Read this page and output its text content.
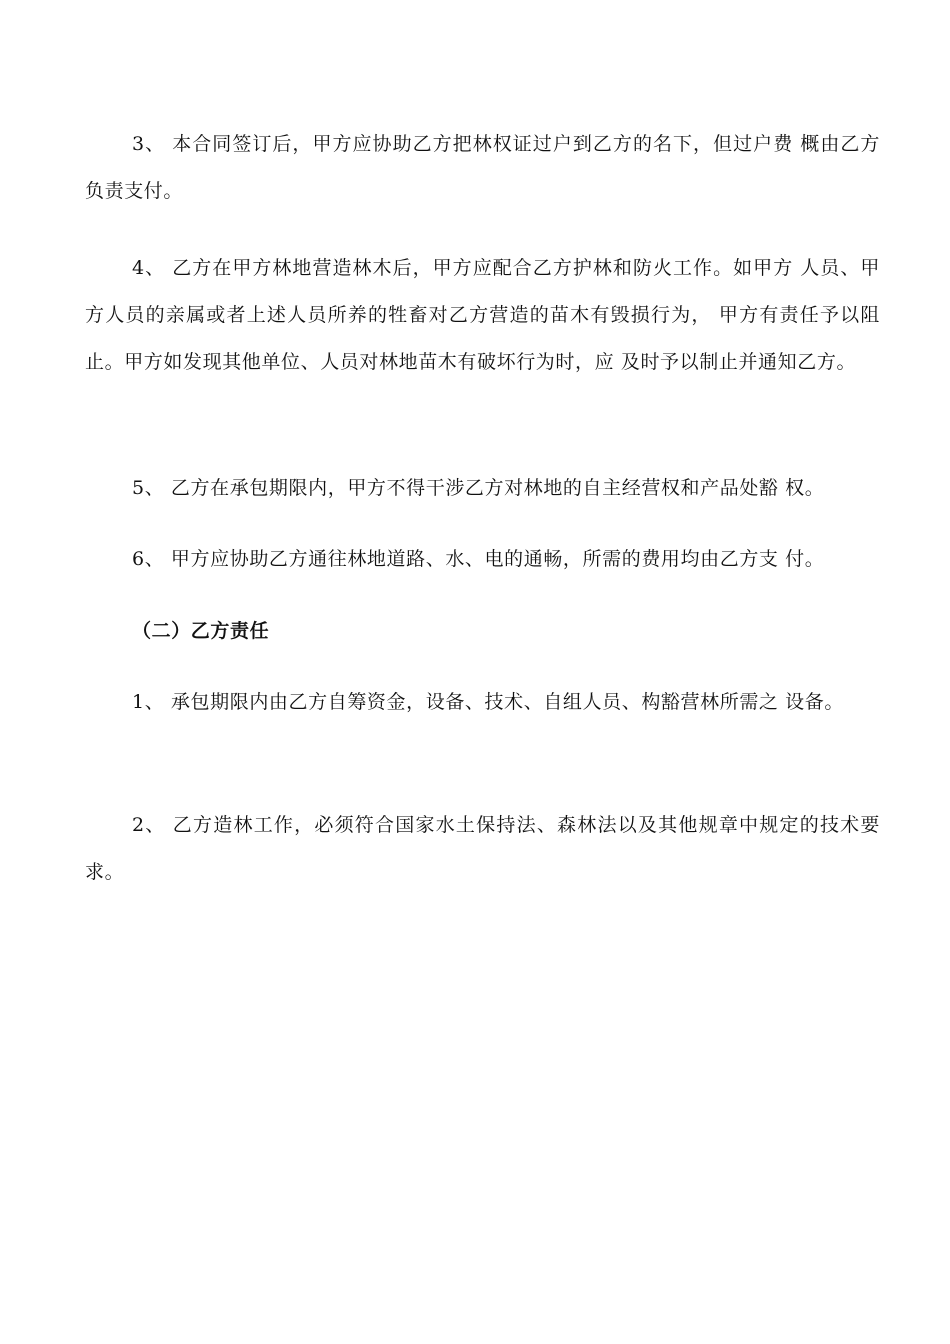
3、 本合同签订后，甲方应协助乙方把林权证过户到乙方的名下，但过户费 概由乙方负责支付。

4、 乙方在甲方林地营造林木后，甲方应配合乙方护林和防火工作。如甲方 人员、甲方人员的亲属或者上述人员所养的牲畜对乙方营造的苗木有毁损行为， 甲方有责任予以阻止。甲方如发现其他单位、人员对林地苗木有破坏行为时，应 及时予以制止并通知乙方。

5、 乙方在承包期限内，甲方不得干涉乙方对林地的自主经营权和产品处豁 权。

6、 甲方应协助乙方通往林地道路、水、电的通畅，所需的费用均由乙方支 付。

（二）乙方责任

1、 承包期限内由乙方自筹资金，设备、技术、自组人员、构豁营林所需之 设备。

2、 乙方造林工作，必须符合国家水土保持法、森林法以及其他规章中规定的技术要求。
